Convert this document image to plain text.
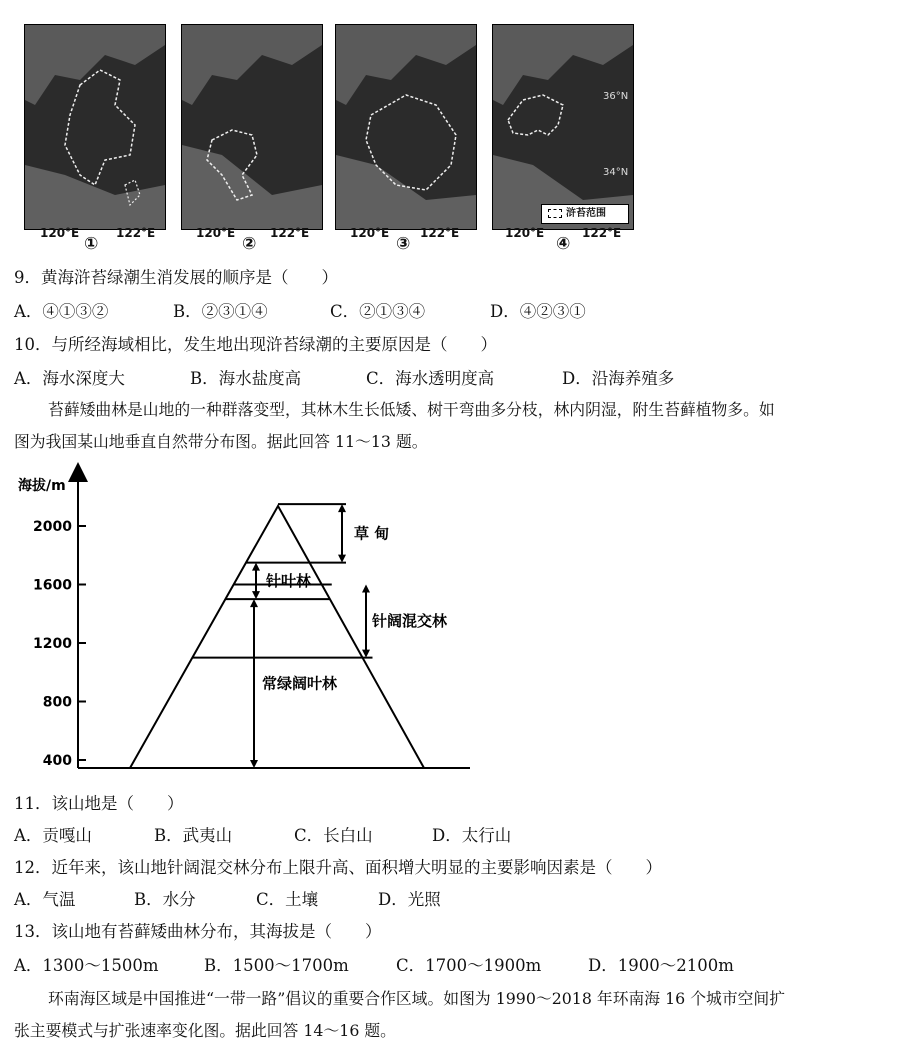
36°N
34°N
浒苔范围
120°E	122°E
①
120°E	122°E
②
120°E	122°E
③
120°E	122°E
④
9．黄海浒苔绿潮生消发展的顺序是（　　）
A．④①③②	B．②③①④	C．②①③④	D．④②③①
10．与所经海域相比，发生地出现浒苔绿潮的主要原因是（　　）
A．海水深度大	B．海水盐度高	C．海水透明度高	D．沿海养殖多
苔藓矮曲林是山地的一种群落变型，其林木生长低矮、树干弯曲多分枝，林内阴湿，附生苔藓植物多。如
图为我国某山地垂直自然带分布图。据此回答 11～13 题。
海拔/m
400
800
1200
1600
2000
常绿阔叶林
针阔混交林
针叶林
草 甸
11．该山地是（　　）
A．贡嘎山	B．武夷山	C．长白山	D．太行山
12．近年来，该山地针阔混交林分布上限升高、面积增大明显的主要影响因素是（　　）
A．气温	B．水分	C．土壤	D．光照
13．该山地有苔藓矮曲林分布，其海拔是（　　）
A．1300～1500m	B．1500～1700m	C．1700～1900m	D．1900～2100m
环南海区域是中国推进“一带一路”倡议的重要合作区域。如图为 1990～2018 年环南海 16 个城市空间扩
张主要模式与扩张速率变化图。据此回答 14～16 题。
